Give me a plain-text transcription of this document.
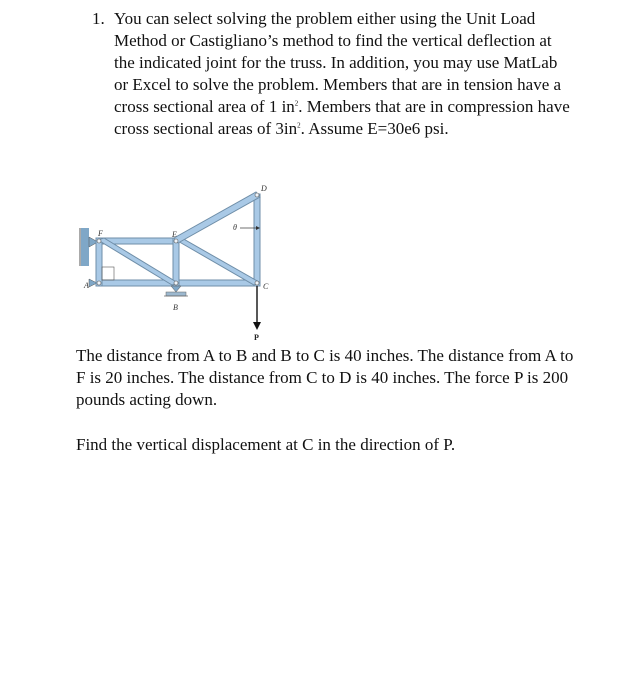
1. You can select solving the problem either using the Unit Load Method or Castigliano’s method to find the vertical deflection at the indicated joint for the truss. In addition, you may use MatLab or Excel to solve the problem. Members that are in tension have a cross sectional area of 1 $in^2$. Members that are in compression have cross sectional areas of $3in^2$. Assume E=30e6 psi.
A
B
C
D
E
F
θ
P
The distance from A to B and B to C is 40 inches. The distance from A to F is 20 inches. The distance from C to D is 40 inches. The force P is 200 pounds acting down.
Find the vertical displacement at C in the direction of P.
